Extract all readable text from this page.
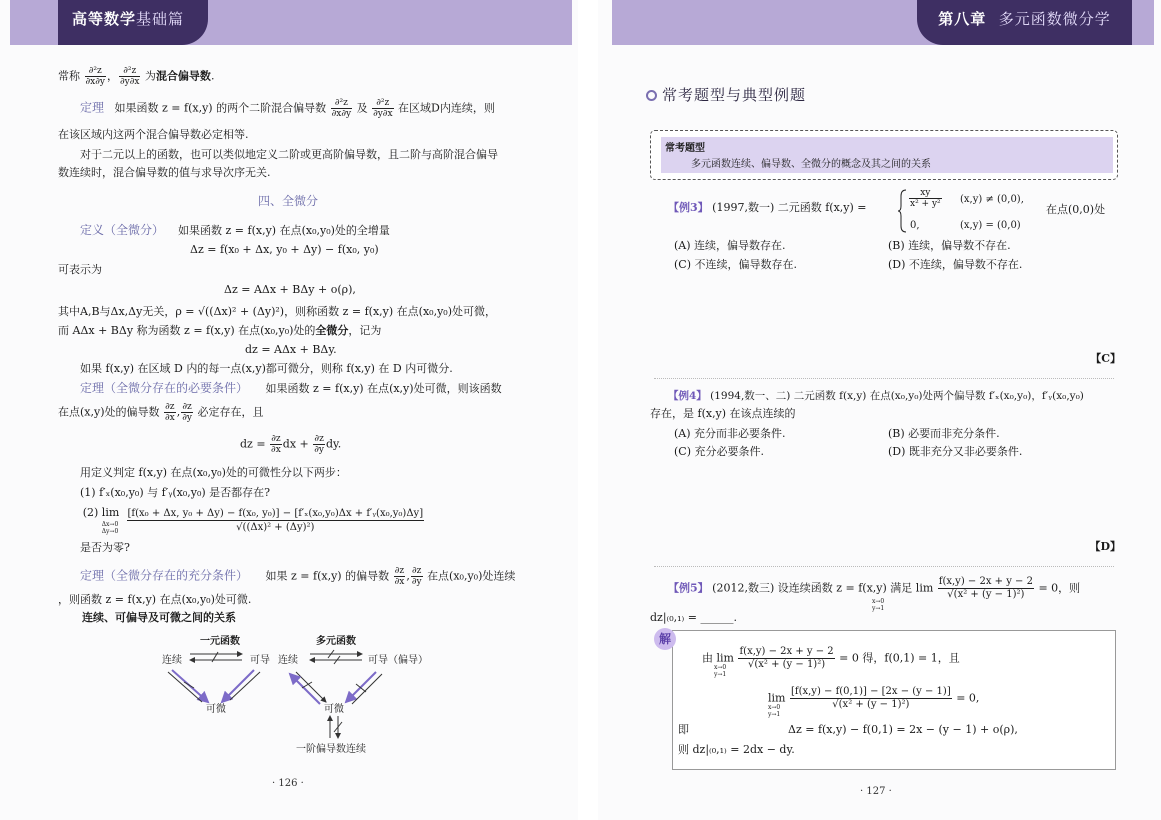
高等数学基础篇
常称 $\frac{\text{∂²z}}{\partial x\partial y}$ ， $\frac{\text{∂²z}}{\partial y\partial x}$ 为混合偏导数.
定理 如果函数 z = f(x,y) 的两个二阶混合偏导数 $\frac{\text{∂²z}}{\partial x\partial y}$ 及 $\frac{\text{∂²z}}{\partial y\partial x}$ 在区域D内连续，则
在该区域内这两个混合偏导数必定相等.
对于二元以上的函数，也可以类似地定义二阶或更高阶偏导数，且二阶与高阶混合偏导
数连续时，混合偏导数的值与求导次序无关.
四、全微分
定义（全微分） 如果函数 z = f(x,y) 在点(x₀,y₀)处的全增量
Δz = f(x₀ + Δx, y₀ + Δy) − f(x₀, y₀)
可表示为
Δz = AΔx + BΔy + o(ρ),
其中A,B与Δx,Δy无关，ρ = √((Δx)² + (Δy)²)，则称函数 z = f(x,y) 在点(x₀,y₀)处可微，
而 AΔx + BΔy 称为函数 z = f(x,y) 在点(x₀,y₀)处的全微分，记为
dz = AΔx + BΔy.
如果 f(x,y) 在区域 D 内的每一点(x,y)都可微分，则称 f(x,y) 在 D 内可微分.
定理（全微分存在的必要条件） 如果函数 z = f(x,y) 在点(x,y)处可微，则该函数
在点(x,y)处的偏导数 $\frac{\partial z}{\partial x}$ , $\frac{\partial z}{\partial y}$ 必定存在，且
dz = $\frac{\partial z}{\partial x}$ dx + $\frac{\partial z}{\partial y}$ dy.
用定义判定 f(x,y) 在点(x₀,y₀)处的可微性分以下两步：
(1) f′ₓ(x₀,y₀) 与 f′ᵧ(x₀,y₀) 是否都存在?
(2) lim
Δx→0 Δy→0

[f(x₀ + Δx, y₀ + Δy) − f(x₀, y₀)] − [f′ₓ(x₀,y₀)Δx + f′ᵧ(x₀,y₀)Δy]
√((Δx)² + (Δy)²)
是否为零?
定理（全微分存在的充分条件） 如果 z = f(x,y) 的偏导数 $\frac{\partial z}{\partial x}$ , $\frac{\partial z}{\partial y}$ 在点(x₀,y₀)处连续
，则函数 z = f(x,y) 在点(x₀,y₀)处可微.
连续、可偏导及可微之间的关系
一元函数	多元函数
连续	可导 连续	可导（偏导）
可微	可微
一阶偏导数连续
· 126 ·
第八章 多元函数微分学
常考题型与典型例题
常考题型
多元函数连续、偏导数、全微分的概念及其之间的关系
【例3】 (1997,数一) 二元函数 f(x,y) =	$\frac{xy}{\text{x² + y²}} (x,y) \ne (0,0)$,
0,	(x,y) = (0,0)
在点(0,0)处
(A) 连续，偏导数存在.	(B) 连续，偏导数不存在.
(C) 不连续，偏导数存在.	(D) 不连续，偏导数不存在.
【C】
【例4】 (1994,数一、二) 二元函数 f(x,y) 在点(x₀,y₀)处两个偏导数 f′ₓ(x₀,y₀)，f′ᵧ(x₀,y₀)
存在，是 f(x,y) 在该点连续的
(A) 充分而非必要条件.	(B) 必要而非充分条件.
(C) 充分必要条件.	(D) 既非充分又非必要条件.
【D】
【例5】 (2012,数三) 设连续函数 z = f(x,y) 满足 $\lim \frac{f(x,y) - 2x + y - 2}{\text{√(x² + (y − 1)²)}} = 0$，则
x→0 y→1
dz|₍₀,₁₎ = ______.
解
由 $\lim \frac{f(x,y) - 2x + y - 2}{\text{√(x² + (y − 1)²)}} = 0$ 得，f(0,1) = 1，且
x→0 y→1
$\lim \frac{[f(x,y) - f(0,1)] - [2x - (y - 1)]}{\text{√(x² + (y − 1)²)}} = 0$,
x→0 y→1
即	Δz = f(x,y) − f(0,1) = 2x − (y − 1) + o(ρ),
则 dz|₍₀,₁₎ = 2dx − dy.
· 127 ·
